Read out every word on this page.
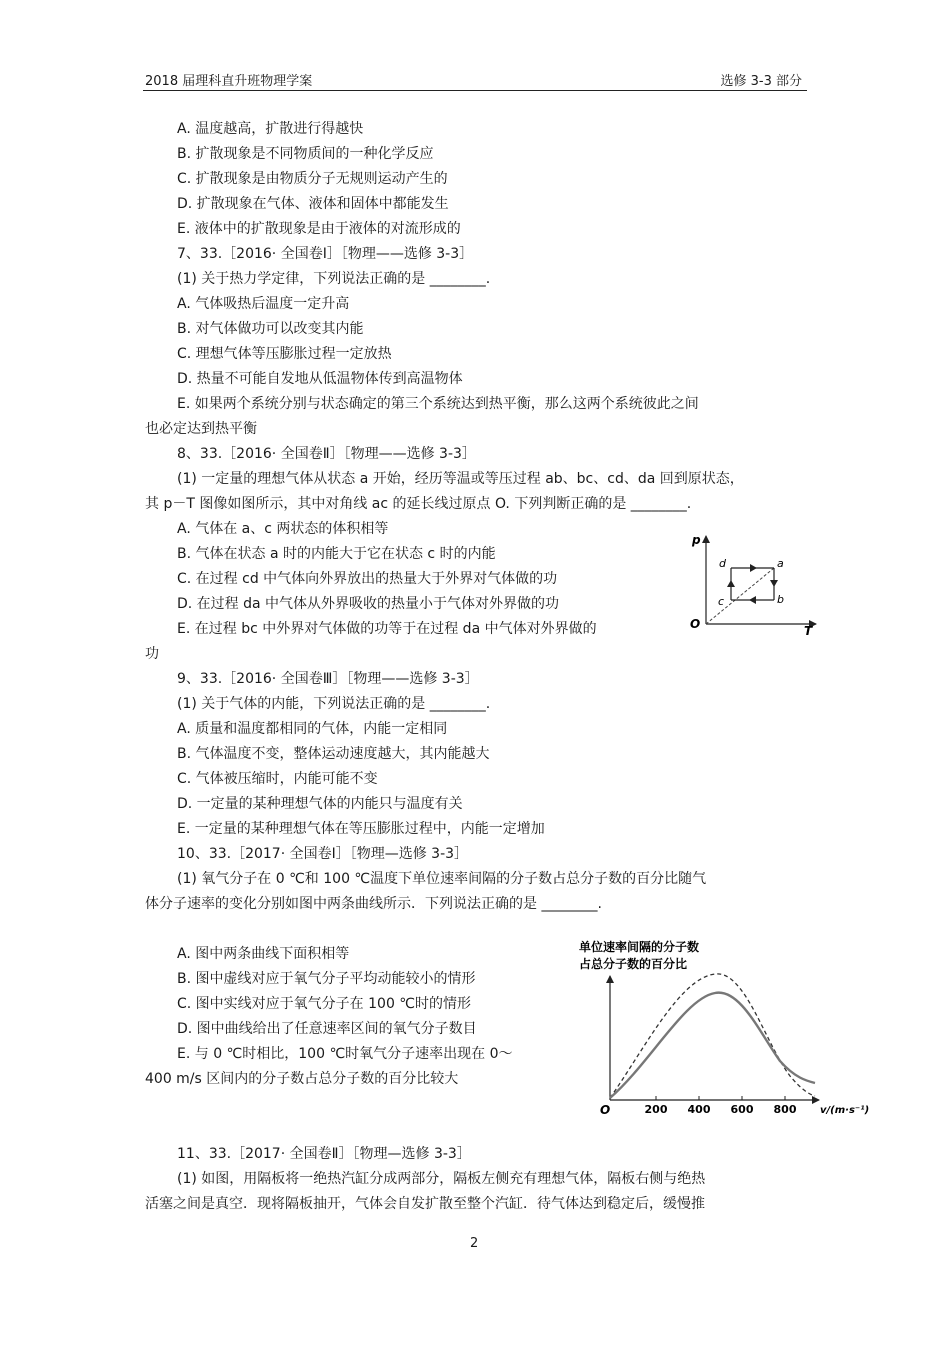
2018 届理科直升班物理学案	选修 3-3 部分
A. 温度越高，扩散进行得越快
B. 扩散现象是不同物质间的一种化学反应
C. 扩散现象是由物质分子无规则运动产生的
D. 扩散现象在气体、液体和固体中都能发生
E. 液体中的扩散现象是由于液体的对流形成的
7、33.［2016· 全国卷Ⅰ］［物理——选修 3-3］
(1) 关于热力学定律，下列说法正确的是 ________.
A. 气体吸热后温度一定升高
B. 对气体做功可以改变其内能
C. 理想气体等压膨胀过程一定放热
D. 热量不可能自发地从低温物体传到高温物体
E. 如果两个系统分别与状态确定的第三个系统达到热平衡，那么这两个系统彼此之间
也必定达到热平衡
8、33.［2016· 全国卷Ⅱ］［物理——选修 3-3］
(1) 一定量的理想气体从状态 a 开始，经历等温或等压过程 ab、bc、cd、da 回到原状态，
其 p－T 图像如图所示，其中对角线 ac 的延长线过原点 O. 下列判断正确的是 ________.
A. 气体在 a、c 两状态的体积相等
B. 气体在状态 a 时的内能大于它在状态 c 时的内能
C. 在过程 cd 中气体向外界放出的热量大于外界对气体做的功
D. 在过程 da 中气体从外界吸收的热量小于气体对外界做的功
E. 在过程 bc 中外界对气体做的功等于在过程 da 中气体对外界做的
功
9、33.［2016· 全国卷Ⅲ］［物理——选修 3-3］
(1) 关于气体的内能，下列说法正确的是 ________.
A. 质量和温度都相同的气体，内能一定相同
B. 气体温度不变，整体运动速度越大，其内能越大
C. 气体被压缩时，内能可能不变
D. 一定量的某种理想气体的内能只与温度有关
E. 一定量的某种理想气体在等压膨胀过程中，内能一定增加
10、33.［2017· 全国卷Ⅰ］［物理—选修 3-3］
(1) 氧气分子在 0 ℃和 100 ℃温度下单位速率间隔的分子数占总分子数的百分比随气
体分子速率的变化分别如图中两条曲线所示．下列说法正确的是 ________.
A. 图中两条曲线下面积相等
B. 图中虚线对应于氧气分子平均动能较小的情形
C. 图中实线对应于氧气分子在 100 ℃时的情形
D. 图中曲线给出了任意速率区间的氧气分子数目
E. 与 0 ℃时相比，100 ℃时氧气分子速率出现在 0～
400 m/s 区间内的分子数占总分子数的百分比较大
11、33.［2017· 全国卷Ⅱ］［物理—选修 3-3］
(1) 如图，用隔板将一绝热汽缸分成两部分，隔板左侧充有理想气体，隔板右侧与绝热
活塞之间是真空．现将隔板抽开，气体会自发扩散至整个汽缸．待气体达到稳定后，缓慢推
p
T
O
a
b
c
d
单位速率间隔的分子数
占总分子数的百分比
O	200 400 600 800 v/(m·s⁻¹)
2
